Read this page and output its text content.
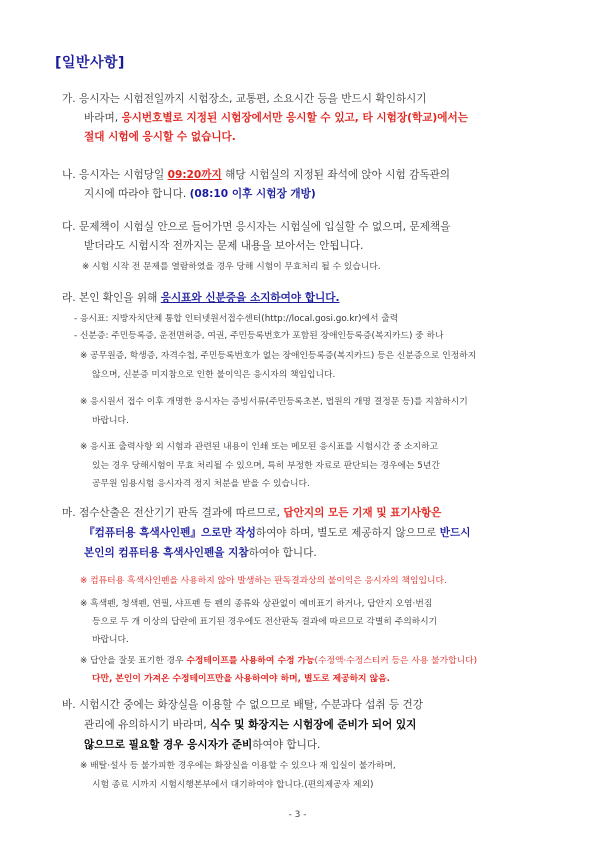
[일반사항]
가. 응시자는 시험전일까지 시험장소, 교통편, 소요시간 등을 반드시 확인하시기
바라며, 응시번호별로 지정된 시험장에서만 응시할 수 있고, 타 시험장(학교)에서는
절대 시험에 응시할 수 없습니다.
나. 응시자는 시험당일 09:20까지 해당 시험실의 지정된 좌석에 앉아 시험 감독관의
지시에 따라야 합니다. (08:10 이후 시험장 개방)
다. 문제책이 시험실 안으로 들어가면 응시자는 시험실에 입실할 수 없으며, 문제책을
받더라도 시험시작 전까지는 문제 내용을 보아서는 안됩니다.
※ 시험 시작 전 문제를 열람하였을 경우 당해 시험이 무효처리 될 수 있습니다.
라. 본인 확인을 위해 응시표와 신분증을 소지하여야 합니다.
- 응시표: 지방자치단체 통합 인터넷원서접수센터(http://local.gosi.go.kr)에서 출력
- 신분증: 주민등록증, 운전면허증, 여권, 주민등록번호가 포함된 장애인등록증(복지카드) 중 하나
※ 공무원증, 학생증, 자격수첩, 주민등록번호가 없는 장애인등록증(복지카드) 등은 신분증으로 인정하지
않으며, 신분증 미지참으로 인한 불이익은 응시자의 책임입니다.
※ 응시원서 접수 이후 개명한 응시자는 증빙서류(주민등록초본, 법원의 개명 결정문 등)를 지참하시기
바랍니다.
※ 응시표 출력사항 외 시험과 관련된 내용이 인쇄 또는 메모된 응시표를 시험시간 중 소지하고
있는 경우 당해시험이 무효 처리될 수 있으며, 특히 부정한 자료로 판단되는 경우에는 5년간
공무원 임용시험 응시자격 정지 처분을 받을 수 있습니다.
마. 점수산출은 전산기기 판독 결과에 따르므로, 답안지의 모든 기재 및 표기사항은
『컴퓨터용 흑색사인펜』으로만 작성하여야 하며, 별도로 제공하지 않으므로 반드시
본인의 컴퓨터용 흑색사인펜을 지참하여야 합니다.
※ 컴퓨터용 흑색사인펜을 사용하지 않아 발생하는 판독결과상의 불이익은 응시자의 책임입니다.
※ 흑색펜, 청색펜, 연필, 샤프펜 등 펜의 종류와 상관없이 예비표기 하거나, 답안지 오염·번짐
등으로 두 개 이상의 답란에 표기된 경우에도 전산판독 결과에 따르므로 각별히 주의하시기
바랍니다.
※ 답안을 잘못 표기한 경우 수정테이프를 사용하여 수정 가능(수정액·수정스티커 등은 사용 불가합니다)
다만, 본인이 가져온 수정테이프만을 사용하여야 하며, 별도로 제공하지 않음.
바. 시험시간 중에는 화장실을 이용할 수 없으므로 배탈, 수분과다 섭취 등 건강
관리에 유의하시기 바라며, 식수 및 화장지는 시험장에 준비가 되어 있지
않으므로 필요할 경우 응시자가 준비하여야 합니다.
※ 배탈·설사 등 불가피한 경우에는 화장실을 이용할 수 있으나 재 입실이 불가하며,
시험 종료 시까지 시험시행본부에서 대기하여야 합니다.(편의제공자 제외)
- 3 -
